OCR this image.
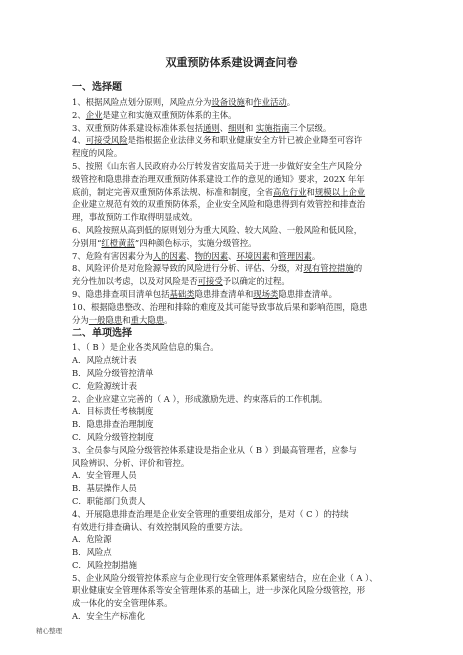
双重预防体系建设调查问卷
一、选择题

1、根据风险点划分原则，风险点分为设备设施和作业活动。

2、企业是建立和实施双重预防体系的主体。

3、双重预防体系建设标准体系包括通则、细则和 实施指南三个层级。

4、可接受风险是指根据企业法律义务和职业健康安全方针已被企业降至可容许
程度的风险。

5、按照《山东省人民政府办公厅转发省安监局关于进一步做好安全生产风险分
级管控和隐患排查治理双重预防体系建设工作的意见的通知》要求，202X 年年
底前，制定完善双重预防体系法规、标准和制度，全省高危行业和规模以上企业
企业建立规范有效的双重预防体系，企业安全风险和隐患得到有效管控和排查治
理，事故预防工作取得明显成效。

6、风险按照从高到低的原则划分为重大风险、较大风险、一般风险和低风险，
分别用“红橙黄蓝”四种颜色标示，实施分级管控。

7、危险有害因素分为人的因素、物的因素、环境因素和管理因素。

8、风险评价是对危险源导致的风险进行分析、评估、分级，对现有管控措施的
充分性加以考虑，以及对风险是否可接受予以确定的过程。

9、隐患排查项目清单包括基础类隐患排查清单和现场类隐患排查清单。

10、根据隐患整改、治理和排除的难度及其可能导致事故后果和影响范围，隐患
分为一般隐患和重大隐患。

二、单项选择

1、（ B ）是企业各类风险信息的集合。
A．风险点统计表
B．风险分级管控清单
C．危险源统计表

2、企业应建立完善的（ A ），形成激励先进、约束落后的工作机制。
A．目标责任考核制度
B．隐患排查治理制度
C．风险分级管控制度

3、全员参与风险分级管控体系建设是指企业从（ B ）到最高管理者，应参与
风险辨识、分析、评价和管控。
A．安全管理人员
B．基层操作人员
C．职能部门负责人

4、开展隐患排查治理是企业安全管理的重要组成部分，是对（ C ）的持续
有效进行排查确认、有效控制风险的重要方法。
A．危险源
B．风险点
C．风险控制措施

5、企业风险分级管控体系应与企业现行安全管理体系紧密结合，应在企业（ A ）、
职业健康安全管理体系等安全管理体系的基础上，进一步深化风险分级管控，形
成一体化的安全管理体系。
A．安全生产标准化

精心整理
